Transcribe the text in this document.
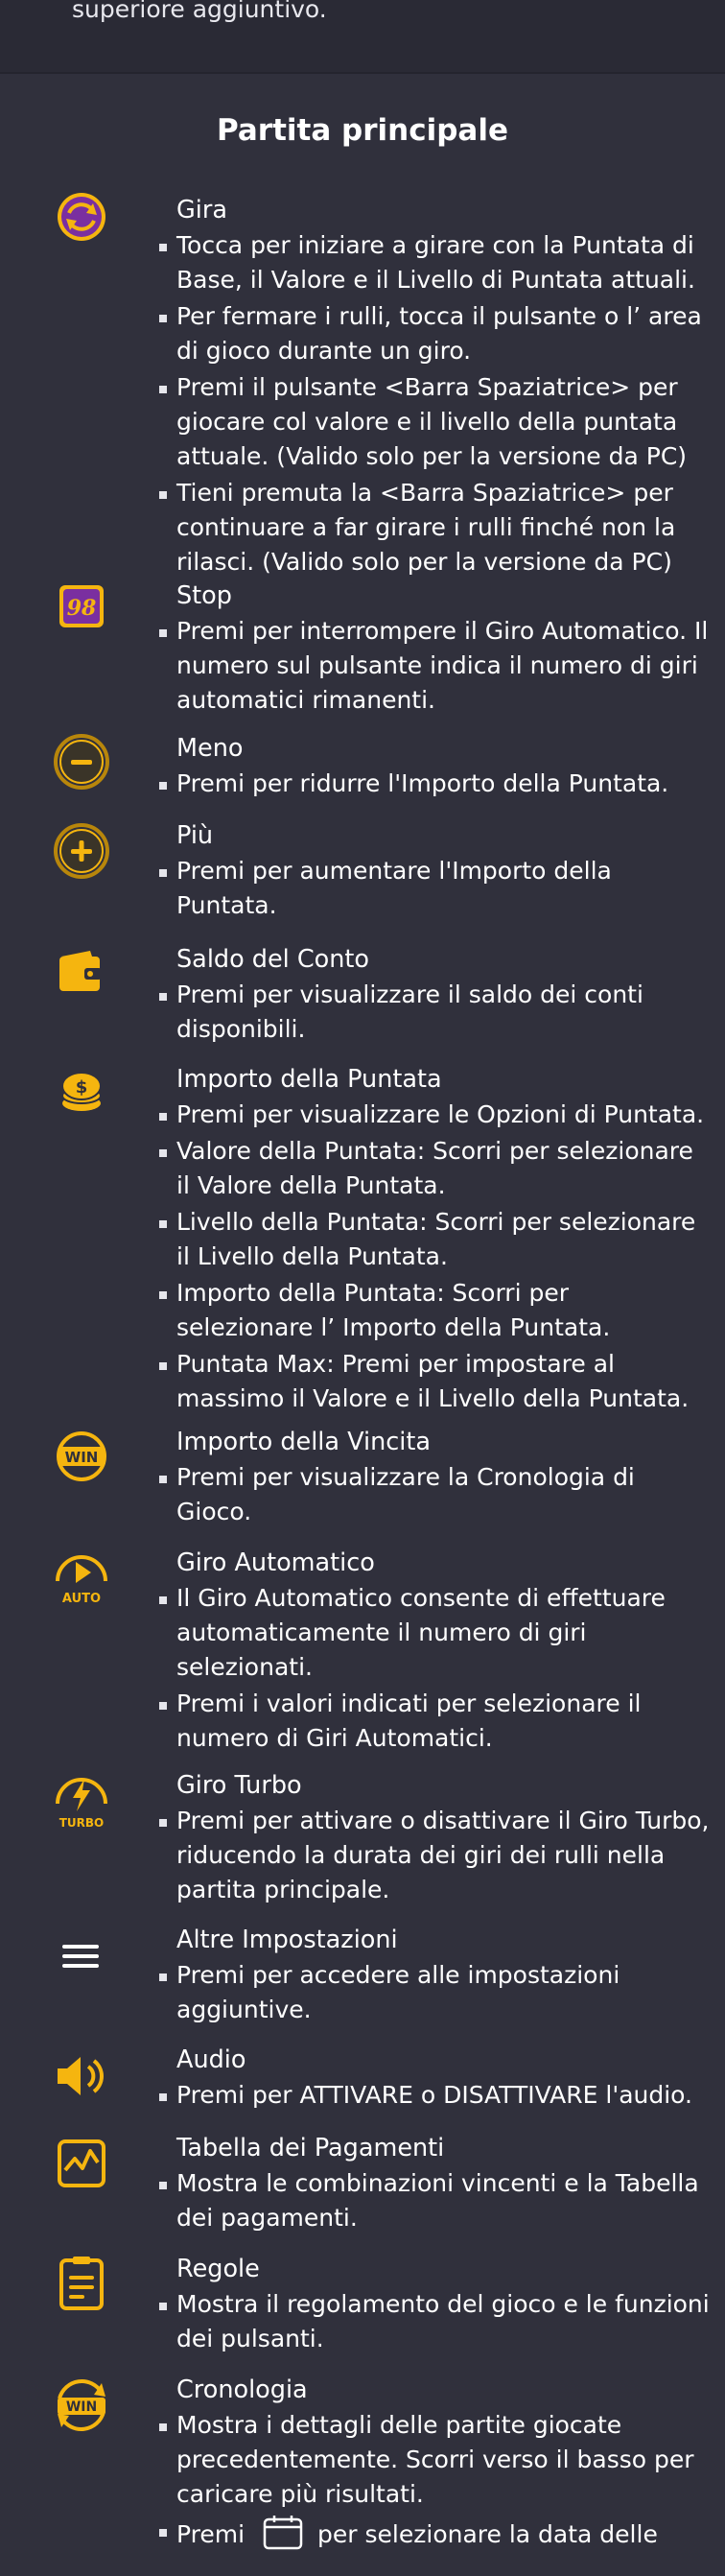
superiore aggiuntivo.
Partita principale
Gira
Tocca per iniziare a girare con la Puntata di Base, il Valore e il Livello di Puntata attuali.
Per fermare i rulli, tocca il pulsante o l’ area di gioco durante un giro.
Premi il pulsante <Barra Spaziatrice> per giocare col valore e il livello della puntata attuale. (Valido solo per la versione da PC)
Tieni premuta la <Barra Spaziatrice> per continuare a far girare i rulli finché non la rilasci. (Valido solo per la versione da PC)
98	Stop
Premi per interrompere il Giro Automatico. Il numero sul pulsante indica il numero di giri automatici rimanenti.
Meno
Premi per ridurre l'Importo della Puntata.
Più
Premi per aumentare l'Importo della Puntata.
Saldo del Conto
Premi per visualizzare il saldo dei conti disponibili.
$	Importo della Puntata
Premi per visualizzare le Opzioni di Puntata.
Valore della Puntata: Scorri per selezionare il Valore della Puntata.
Livello della Puntata: Scorri per selezionare il Livello della Puntata.
Importo della Puntata: Scorri per selezionare l’ Importo della Puntata.
Puntata Max: Premi per impostare al massimo il Valore e il Livello della Puntata.
WIN
Importo della Vincita
Premi per visualizzare la Cronologia di Gioco.
AUTO
Giro Automatico
Il Giro Automatico consente di effettuare automaticamente il numero di giri selezionati.
Premi i valori indicati per selezionare il numero di Giri Automatici.
TURBO
Giro Turbo
Premi per attivare o disattivare il Giro Turbo, riducendo la durata dei giri dei rulli nella partita principale.
Altre Impostazioni
Premi per accedere alle impostazioni aggiuntive.
Audio
Premi per ATTIVARE o DISATTIVARE l'audio.
Tabella dei Pagamenti
Mostra le combinazioni vincenti e la Tabella dei pagamenti.
Regole
Mostra il regolamento del gioco e le funzioni dei pulsanti.
WIN
Cronologia
Mostra i dettagli delle partite giocate precedentemente. Scorri verso il basso per caricare più risultati.
Premi	per selezionare la data delle
